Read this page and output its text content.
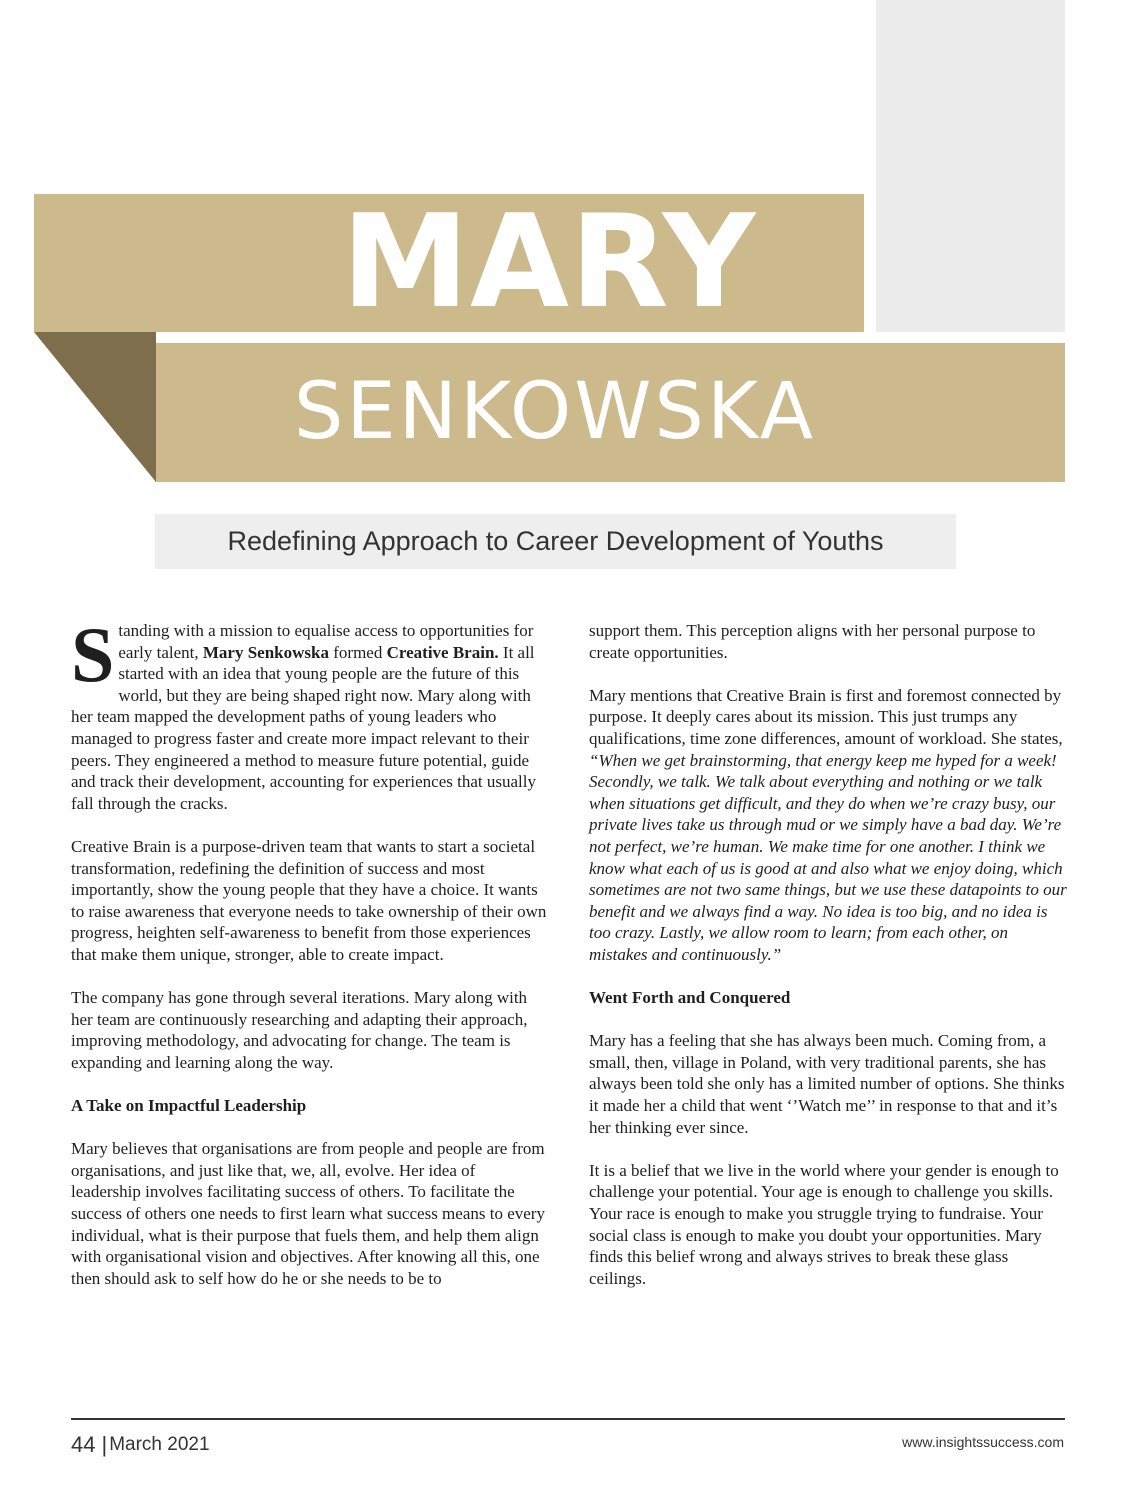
MARY
SENKOWSKA
Redefining Approach to Career Development of Youths

Standing with a mission to equalise access to opportunities for early talent, Mary Senkowska formed Creative Brain. It all started with an idea that young people are the future of this world, but they are being shaped right now. Mary along with her team mapped the development paths of young leaders who managed to progress faster and create more impact relevant to their peers. They engineered a method to measure future potential, guide and track their development, accounting for experiences that usually fall through the cracks.

Creative Brain is a purpose-driven team that wants to start a societal transformation, redefining the definition of success and most importantly, show the young people that they have a choice. It wants to raise awareness that everyone needs to take ownership of their own progress, heighten self-awareness to benefit from those experiences that make them unique, stronger, able to create impact.

The company has gone through several iterations. Mary along with her team are continuously researching and adapting their approach, improving methodology, and advocating for change. The team is expanding and learning along the way.

A Take on Impactful Leadership

Mary believes that organisations are from people and people are from organisations, and just like that, we, all, evolve. Her idea of leadership involves facilitating success of others. To facilitate the success of others one needs to first learn what success means to every individual, what is their purpose that fuels them, and help them align with organisational vision and objectives. After knowing all this, one then should ask to self how do he or she needs to be to

support them. This perception aligns with her personal purpose to create opportunities.

Mary mentions that Creative Brain is first and foremost connected by purpose. It deeply cares about its mission. This just trumps any qualifications, time zone differences, amount of workload. She states, “When we get brainstorming, that energy keep me hyped for a week! Secondly, we talk. We talk about everything and nothing or we talk when situations get difficult, and they do when we’re crazy busy, our private lives take us through mud or we simply have a bad day. We’re not perfect, we’re human. We make time for one another. I think we know what each of us is good at and also what we enjoy doing, which sometimes are not two same things, but we use these datapoints to our benefit and we always find a way. No idea is too big, and no idea is too crazy. Lastly, we allow room to learn; from each other, on mistakes and continuously.”

Went Forth and Conquered

Mary has a feeling that she has always been much. Coming from, a small, then, village in Poland, with very traditional parents, she has always been told she only has a limited number of options. She thinks it made her a child that went ‘’Watch me’’ in response to that and it’s her thinking ever since.

It is a belief that we live in the world where your gender is enough to challenge your potential. Your age is enough to challenge you skills. Your race is enough to make you struggle trying to fundraise. Your social class is enough to make you doubt your opportunities. Mary finds this belief wrong and always strives to break these glass ceilings.

44 | March 2021	www.insightssuccess.com
